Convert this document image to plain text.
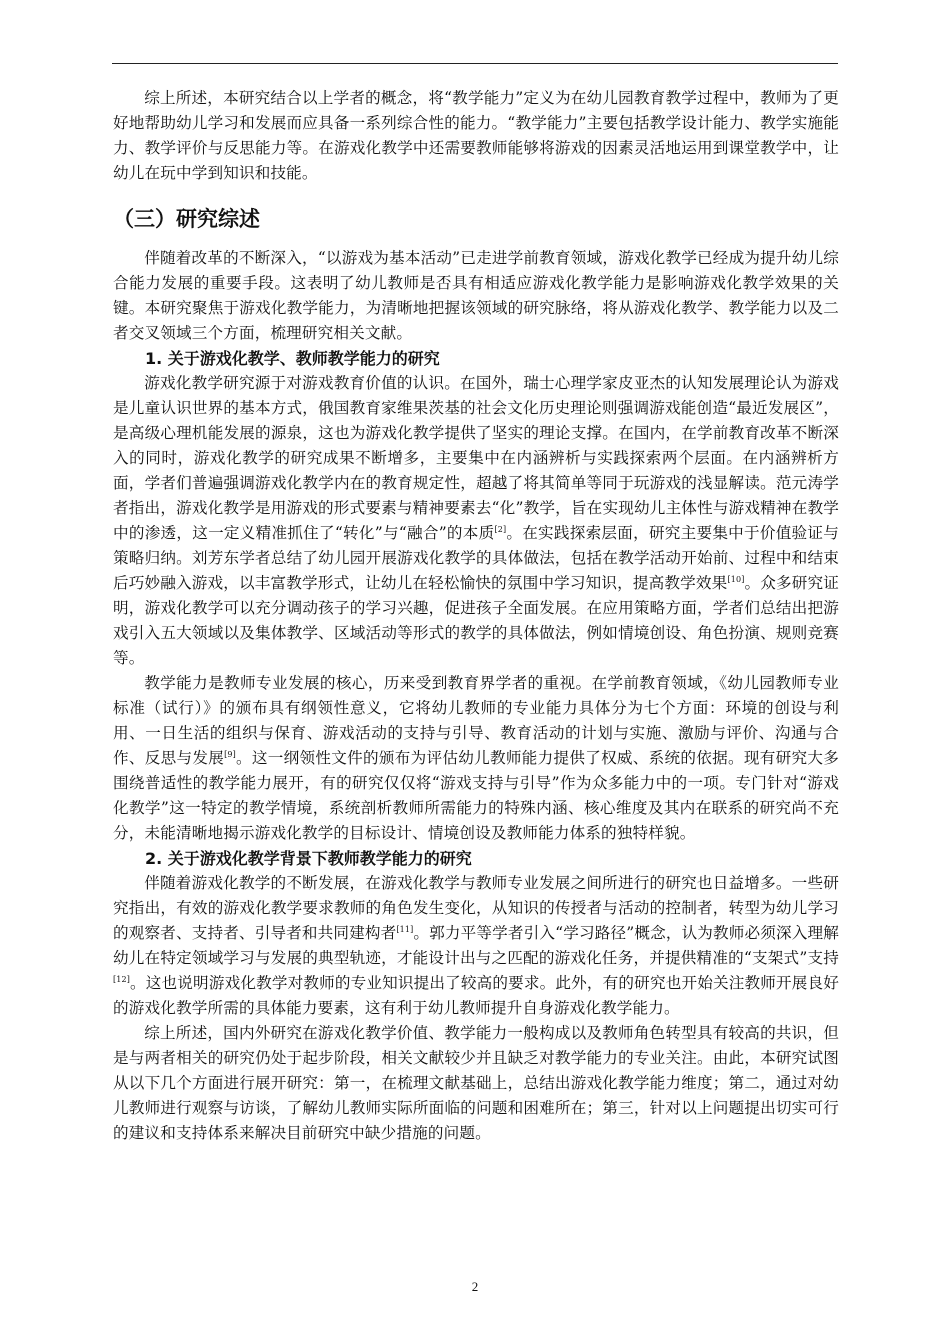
综上所述，本研究结合以上学者的概念，将“教学能力”定义为在幼儿园教育教学过程中，教师为了更好地帮助幼儿学习和发展而应具备一系列综合性的能力。“教学能力”主要包括教学设计能力、教学实施能力、教学评价与反思能力等。在游戏化教学中还需要教师能够将游戏的因素灵活地运用到课堂教学中，让幼儿在玩中学到知识和技能。

（三）研究综述

伴随着改革的不断深入，“以游戏为基本活动”已走进学前教育领域，游戏化教学已经成为提升幼儿综合能力发展的重要手段。这表明了幼儿教师是否具有相适应游戏化教学能力是影响游戏化教学效果的关键。本研究聚焦于游戏化教学能力，为清晰地把握该领域的研究脉络，将从游戏化教学、教学能力以及二者交叉领域三个方面，梳理研究相关文献。

1. 关于游戏化教学、教师教学能力的研究

游戏化教学研究源于对游戏教育价值的认识。在国外，瑞士心理学家皮亚杰的认知发展理论认为游戏是儿童认识世界的基本方式，俄国教育家维果茨基的社会文化历史理论则强调游戏能创造“最近发展区”，是高级心理机能发展的源泉，这也为游戏化教学提供了坚实的理论支撑。在国内，在学前教育改革不断深入的同时，游戏化教学的研究成果不断增多，主要集中在内涵辨析与实践探索两个层面。在内涵辨析方面，学者们普遍强调游戏化教学内在的教育规定性，超越了将其简单等同于玩游戏的浅显解读。范元涛学者指出，游戏化教学是用游戏的形式要素与精神要素去“化”教学，旨在实现幼儿主体性与游戏精神在教学中的渗透，这一定义精准抓住了“转化”与“融合”的本质[2]。在实践探索层面，研究主要集中于价值验证与策略归纳。刘芳东学者总结了幼儿园开展游戏化教学的具体做法，包括在教学活动开始前、过程中和结束后巧妙融入游戏，以丰富教学形式，让幼儿在轻松愉快的氛围中学习知识，提高教学效果[10]。众多研究证明，游戏化教学可以充分调动孩子的学习兴趣，促进孩子全面发展。在应用策略方面，学者们总结出把游戏引入五大领域以及集体教学、区域活动等形式的教学的具体做法，例如情境创设、角色扮演、规则竞赛等。

教学能力是教师专业发展的核心，历来受到教育界学者的重视。在学前教育领域，《幼儿园教师专业标准（试行）》的颁布具有纲领性意义，它将幼儿教师的专业能力具体分为七个方面：环境的创设与利用、一日生活的组织与保育、游戏活动的支持与引导、教育活动的计划与实施、激励与评价、沟通与合作、反思与发展[9]。这一纲领性文件的颁布为评估幼儿教师能力提供了权威、系统的依据。现有研究大多围绕普适性的教学能力展开，有的研究仅仅将“游戏支持与引导”作为众多能力中的一项。专门针对“游戏化教学”这一特定的教学情境，系统剖析教师所需能力的特殊内涵、核心维度及其内在联系的研究尚不充分，未能清晰地揭示游戏化教学的目标设计、情境创设及教师能力体系的独特样貌。

2. 关于游戏化教学背景下教师教学能力的研究

伴随着游戏化教学的不断发展，在游戏化教学与教师专业发展之间所进行的研究也日益增多。一些研究指出，有效的游戏化教学要求教师的角色发生变化，从知识的传授者与活动的控制者，转型为幼儿学习的观察者、支持者、引导者和共同建构者[11]。郭力平等学者引入“学习路径”概念，认为教师必须深入理解幼儿在特定领域学习与发展的典型轨迹，才能设计出与之匹配的游戏化任务，并提供精准的“支架式”支持[12]。这也说明游戏化教学对教师的专业知识提出了较高的要求。此外，有的研究也开始关注教师开展良好的游戏化教学所需的具体能力要素，这有利于幼儿教师提升自身游戏化教学能力。

综上所述，国内外研究在游戏化教学价值、教学能力一般构成以及教师角色转型具有较高的共识，但是与两者相关的研究仍处于起步阶段，相关文献较少并且缺乏对教学能力的专业关注。由此，本研究试图从以下几个方面进行展开研究：第一，在梳理文献基础上，总结出游戏化教学能力维度；第二，通过对幼儿教师进行观察与访谈，了解幼儿教师实际所面临的问题和困难所在；第三，针对以上问题提出切实可行的建议和支持体系来解决目前研究中缺少措施的问题。

2
